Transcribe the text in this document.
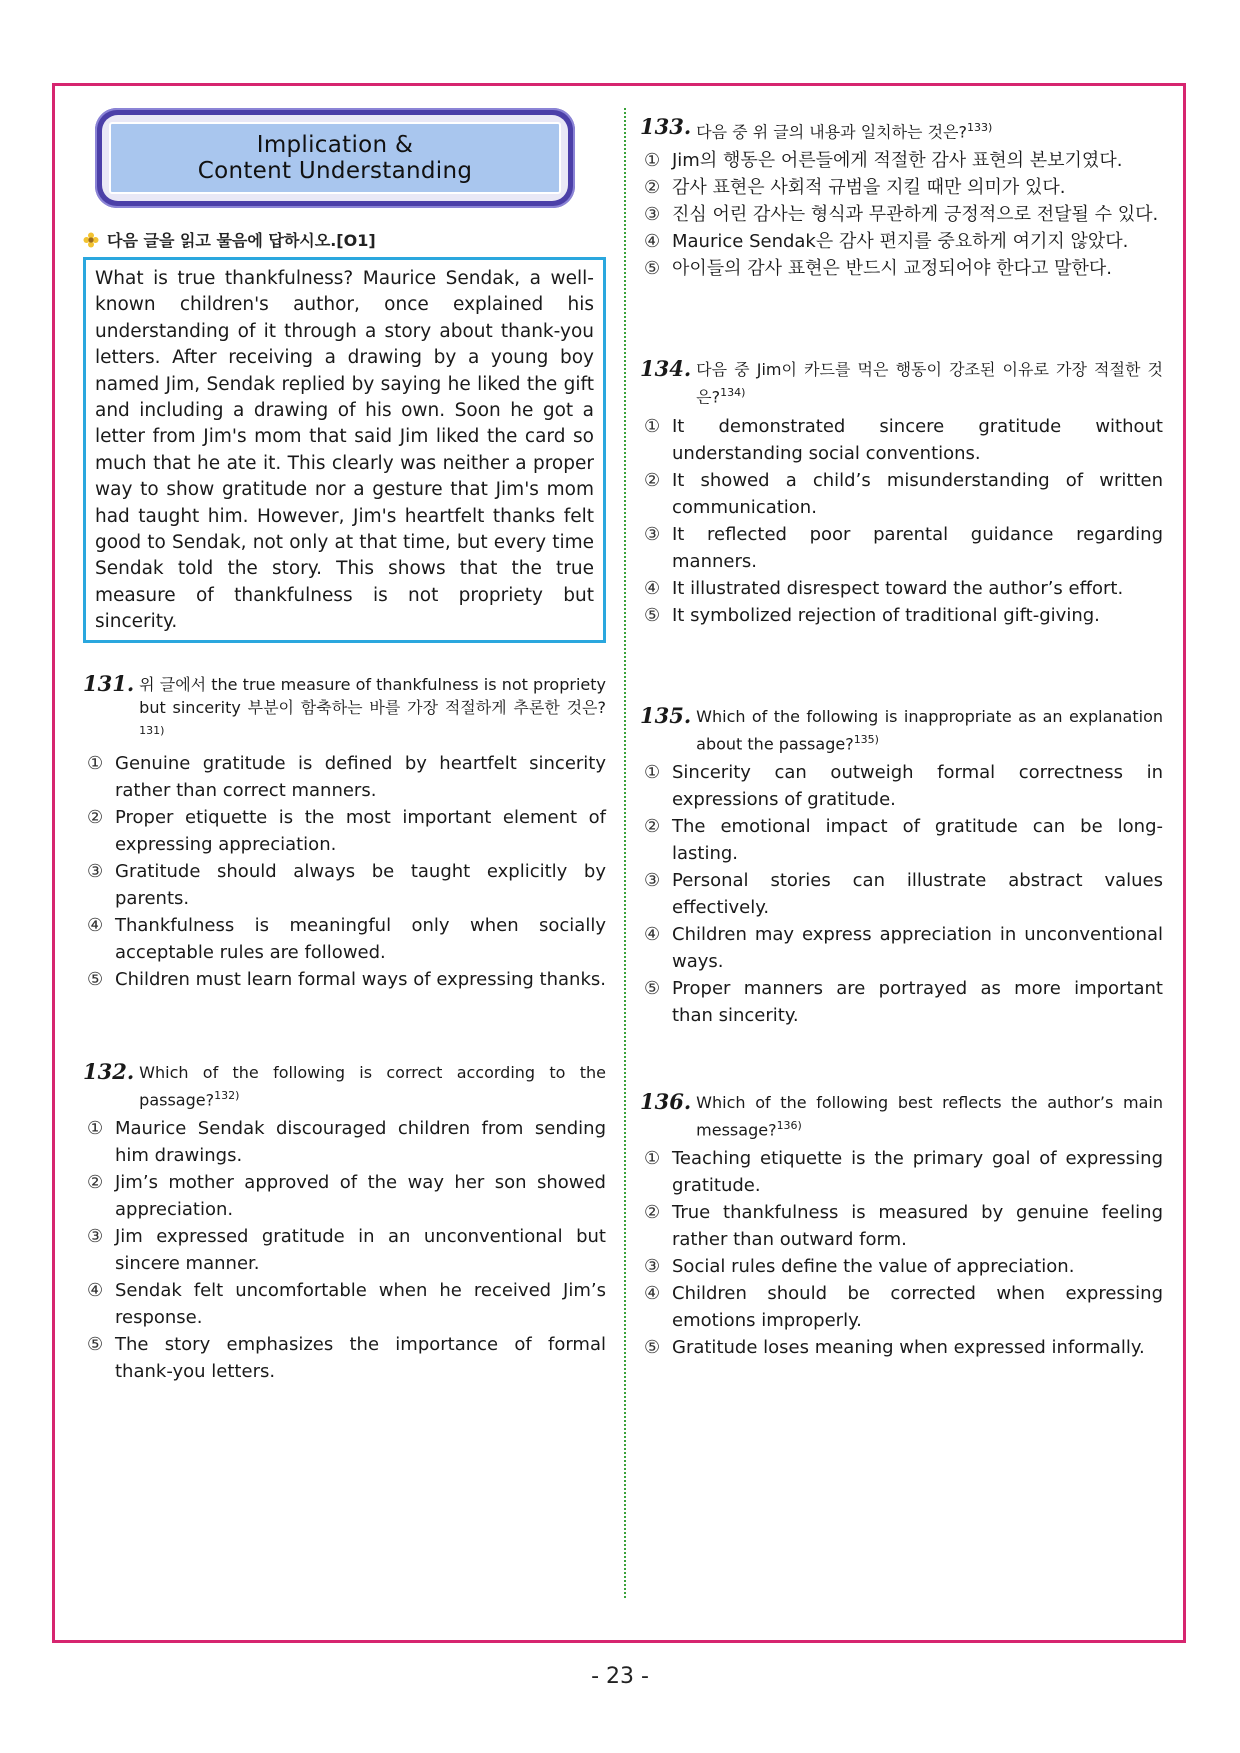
Implication &
Content Understanding
다음 글을 읽고 물음에 답하시오.[O1]
What is true thankfulness? Maurice Sendak, a well-known children's author, once explained his understanding of it through a story about thank-you letters. After receiving a drawing by a young boy named Jim, Sendak replied by saying he liked the gift and including a drawing of his own. Soon he got a letter from Jim's mom that said Jim liked the card so much that he ate it. This clearly was neither a proper way to show gratitude nor a gesture that Jim's mom had taught him. However, Jim's heartfelt thanks felt good to Sendak, not only at that time, but every time Sendak told the story. This shows that the true measure of thankfulness is not propriety but sincerity.
131. 위 글에서 the true measure of thankfulness is not propriety but sincerity 부분이 함축하는 바를 가장 적절하게 추론한 것은?$^{131)}$
① Genuine gratitude is defined by heartfelt sincerity rather than correct manners.
② Proper etiquette is the most important element of expressing appreciation.
③ Gratitude should always be taught explicitly by parents.
④ Thankfulness is meaningful only when socially acceptable rules are followed.
⑤ Children must learn formal ways of expressing thanks.
132. Which of the following is correct according to the passage?$^{132)}$
① Maurice Sendak discouraged children from sending him drawings.
② Jim’s mother approved of the way her son showed appreciation.
③ Jim expressed gratitude in an unconventional but sincere manner.
④ Sendak felt uncomfortable when he received Jim’s response.
⑤ The story emphasizes the importance of formal thank-you letters.
133. 다음 중 위 글의 내용과 일치하는 것은?$^{133)}$
① Jim의 행동은 어른들에게 적절한 감사 표현의 본보기였다.
② 감사 표현은 사회적 규범을 지킬 때만 의미가 있다.
③ 진심 어린 감사는 형식과 무관하게 긍정적으로 전달될 수 있다.
④ Maurice Sendak은 감사 편지를 중요하게 여기지 않았다.
⑤ 아이들의 감사 표현은 반드시 교정되어야 한다고 말한다.
134. 다음 중 Jim이 카드를 먹은 행동이 강조된 이유로 가장 적절한 것은?$^{134)}$
① It demonstrated sincere gratitude without understanding social conventions.
② It showed a child’s misunderstanding of written communication.
③ It reflected poor parental guidance regarding manners.
④ It illustrated disrespect toward the author’s effort.
⑤ It symbolized rejection of traditional gift-giving.
135. Which of the following is inappropriate as an explanation about the passage?$^{135)}$
① Sincerity can outweigh formal correctness in expressions of gratitude.
② The emotional impact of gratitude can be long-lasting.
③ Personal stories can illustrate abstract values effectively.
④ Children may express appreciation in unconventional ways.
⑤ Proper manners are portrayed as more important than sincerity.
136. Which of the following best reflects the author’s main message?$^{136)}$
① Teaching etiquette is the primary goal of expressing gratitude.
② True thankfulness is measured by genuine feeling rather than outward form.
③ Social rules define the value of appreciation.
④ Children should be corrected when expressing emotions improperly.
⑤ Gratitude loses meaning when expressed informally.
- 23 -
